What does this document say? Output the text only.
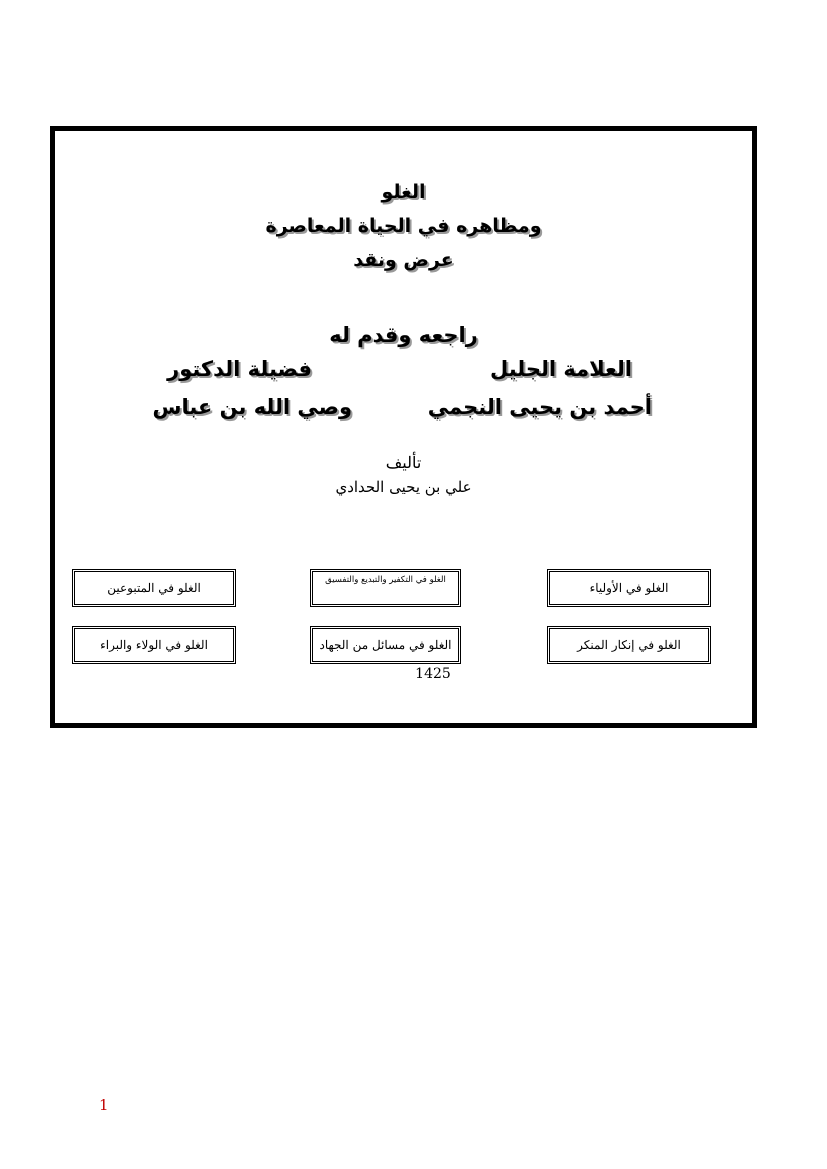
الغلو
ومظاهره في الحياة المعاصرة
عرض ونقد
راجعه وقدم له
العلامة الجليل
أحمد بن يحيى النجمي
فضيلة الدكتور
وصي الله بن عباس
تأليف
علي بن يحيى الحدادي
1425
الغلو في الأولياء
الغلو في التكفير والتبديع والتفسيق
الغلو في المتبوعين
الغلو في إنكار المنكر
الغلو في مسائل من الجهاد
الغلو في الولاء والبراء
1
